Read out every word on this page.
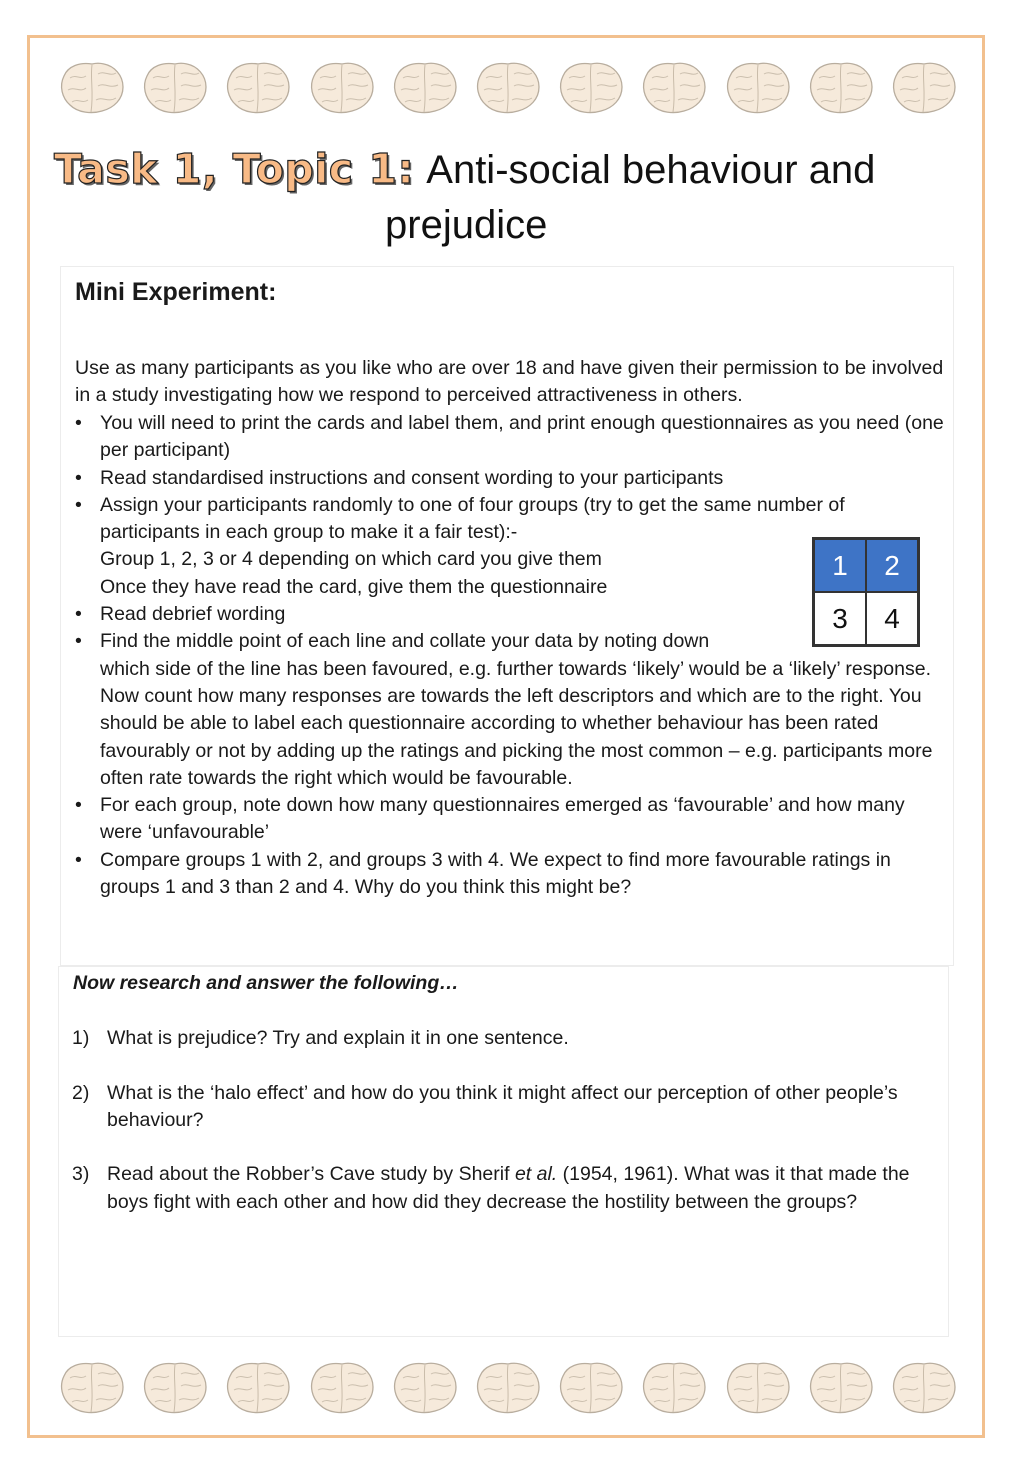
Task 1, Topic 1: Anti-social behaviour and
prejudice
Mini Experiment:
Use as many participants as you like who are over 18 and have given their permission to be involved in a study investigating how we respond to perceived attractiveness in others.
• You will need to print the cards and label them, and print enough questionnaires as you need (one per participant)
• Read standardised instructions and consent wording to your participants
• Assign your participants randomly to one of four groups (try to get the same number of participants in each group to make it a fair test):-
Group 1, 2, 3 or 4 depending on which card you give them
Once they have read the card, give them the questionnaire
• Read debrief wording
• Find the middle point of each line and collate your data by noting down
which side of the line has been favoured, e.g. further towards ‘likely’ would be a ‘likely’ response. Now count how many responses are towards the left descriptors and which are to the right. You should be able to label each questionnaire according to whether behaviour has been rated favourably or not by adding up the ratings and picking the most common – e.g. participants more often rate towards the right which would be favourable.
• For each group, note down how many questionnaires emerged as ‘favourable’ and how many were ‘unfavourable’
• Compare groups 1 with 2, and groups 3 with 4. We expect to find more favourable ratings in groups 1 and 3 than 2 and 4. Why do you think this might be?
1	2
3	4
Now research and answer the following…
1) What is prejudice? Try and explain it in one sentence.
2) What is the ‘halo effect’ and how do you think it might affect our perception of other people’s behaviour?
3) Read about the Robber’s Cave study by Sherif et al. (1954, 1961). What was it that made the boys fight with each other and how did they decrease the hostility between the groups?
